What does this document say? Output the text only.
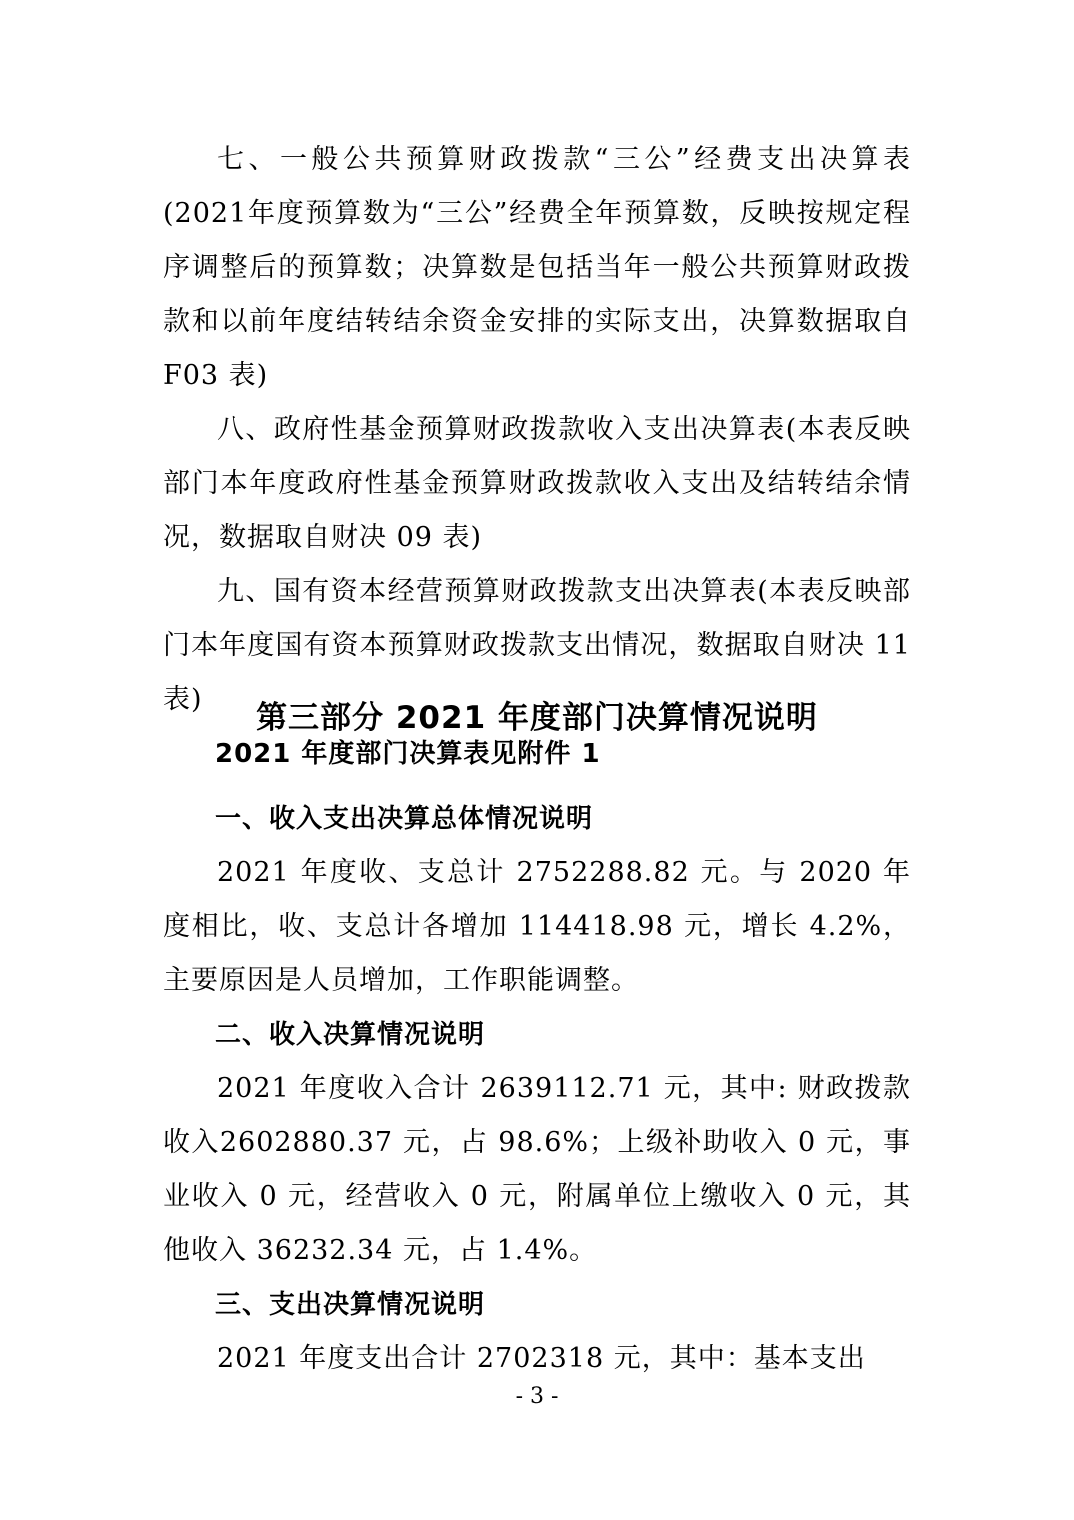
七、一般公共预算财政拨款“三公”经费支出决算表(2021年度预算数为“三公”经费全年预算数，反映按规定程序调整后的预算数；决算数是包括当年一般公共预算财政拨款和以前年度结转结余资金安排的实际支出，决算数据取自 F03 表)

八、政府性基金预算财政拨款收入支出决算表(本表反映部门本年度政府性基金预算财政拨款收入支出及结转结余情况，数据取自财决 09 表)

九、国有资本经营预算财政拨款支出决算表(本表反映部门本年度国有资本预算财政拨款支出情况，数据取自财决 11 表)

2021 年度部门决算表见附件 1

第三部分 2021 年度部门决算情况说明

一、收入支出决算总体情况说明

2021 年度收、支总计 2752288.82 元。与 2020 年度相比，收、支总计各增加 114418.98 元，增长 4.2%，主要原因是人员增加，工作职能调整。

二、收入决算情况说明

2021 年度收入合计 2639112.71 元，其中: 财政拨款收入2602880.37 元，占 98.6%；上级补助收入 0 元，事业收入 0 元，经营收入 0 元，附属单位上缴收入 0 元，其他收入 36232.34 元，占 1.4%。

三、支出决算情况说明

2021 年度支出合计 2702318 元，其中：基本支出

- 3 -
